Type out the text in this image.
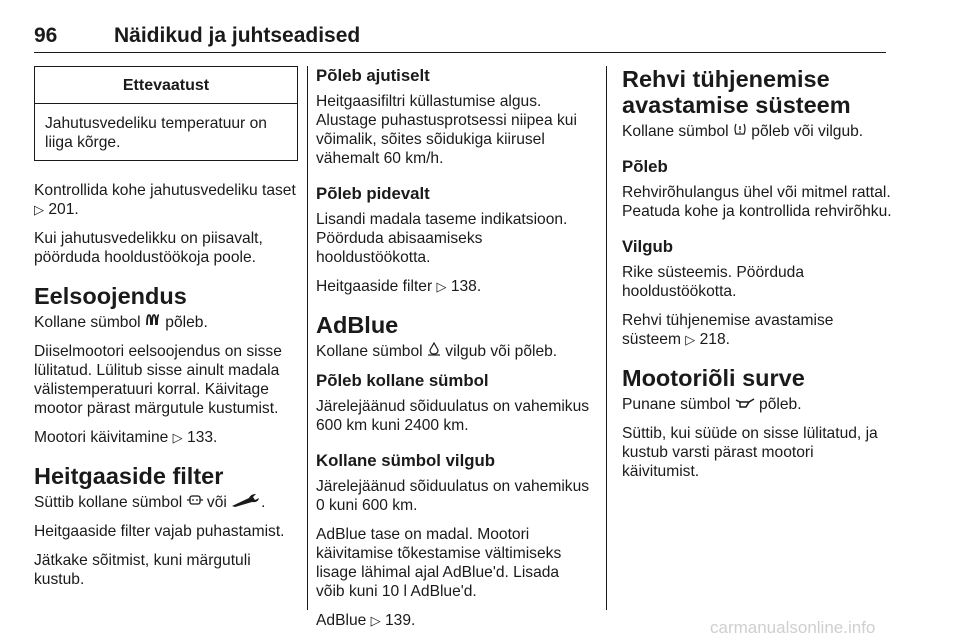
96	Näidikud ja juhtseadised
Ettevaatust
Jahutusvedeliku temperatuur on liiga kõrge.

Kontrollida kohe jahutusvedeliku taset ▷ 201.

Kui jahutusvedelikku on piisavalt, pöörduda hooldustöökoja poole.

Eelsoojendus

Kollane sümbol  põleb.

Diiselmootori eelsoojendus on sisse lülitatud. Lülitub sisse ainult madala välistemperatuuri korral. Käivitage mootor pärast märgutule kustumist.

Mootori käivitamine ▷ 133.

Heitgaaside filter

Süttib kollane sümbol  või .

Heitgaaside filter vajab puhastamist.

Jätkake sõitmist, kuni märgutuli kustub.

Põleb ajutiselt

Heitgaasifiltri küllastumise algus. Alustage puhastusprotsessi niipea kui võimalik, sõites sõidukiga kiirusel vähemalt 60 km/h.

Põleb pidevalt

Lisandi madala taseme indikatsioon. Pöörduda abisaamiseks hooldustöökotta.

Heitgaaside filter ▷ 138.

AdBlue

Kollane sümbol  vilgub või põleb.

Põleb kollane sümbol

Järelejäänud sõiduulatus on vahemikus 600 km kuni 2400 km.

Kollane sümbol vilgub

Järelejäänud sõiduulatus on vahemikus 0 kuni 600 km.

AdBlue tase on madal. Mootori käivitamise tõkestamise vältimiseks lisage lähimal ajal AdBlue'd. Lisada võib kuni 10 l AdBlue'd.

AdBlue ▷ 139.

Rehvi tühjenemise avastamise süsteem

Kollane sümbol  põleb või vilgub.

Põleb

Rehvirõhulangus ühel või mitmel rattal. Peatuda kohe ja kontrollida rehvirõhku.

Vilgub

Rike süsteemis. Pöörduda hooldustöökotta.

Rehvi tühjenemise avastamise süsteem ▷ 218.

Mootoriõli surve

Punane sümbol  põleb.

Süttib, kui süüde on sisse lülitatud, ja kustub varsti pärast mootori käivitumist.

carmanualsonline.info
